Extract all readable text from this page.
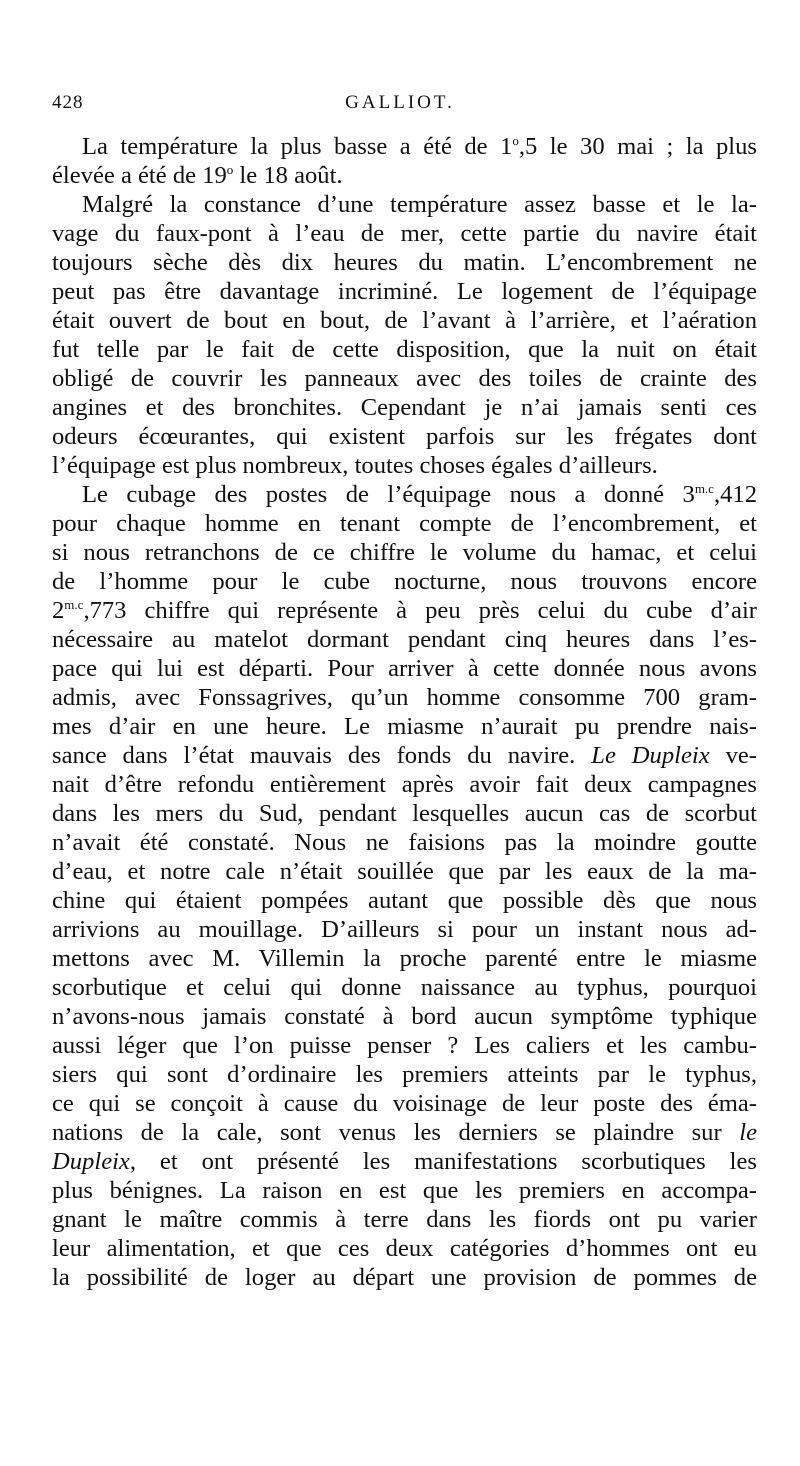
428	GALLIOT.
La température la plus basse a été de 1$^o$,5 le 30 mai ; la plus
élevée a été de 19$^o$ le 18 août.
Malgré la constance d’une température assez basse et le la-
vage du faux-pont à l’eau de mer, cette partie du navire était
toujours sèche dès dix heures du matin. L’encombrement ne
peut pas être davantage incriminé. Le logement de l’équipage
était ouvert de bout en bout, de l’avant à l’arrière, et l’aération
fut telle par le fait de cette disposition, que la nuit on était
obligé de couvrir les panneaux avec des toiles de crainte des
angines et des bronchites. Cependant je n’ai jamais senti ces
odeurs écœurantes, qui existent parfois sur les frégates dont
l’équipage est plus nombreux, toutes choses égales d’ailleurs.
Le cubage des postes de l’équipage nous a donné $3^{m.c},412$
pour chaque homme en tenant compte de l’encombrement, et
si nous retranchons de ce chiffre le volume du hamac, et celui
de l’homme pour le cube nocturne, nous trouvons encore
$2^{m.c},773$ chiffre qui représente à peu près celui du cube d’air
nécessaire au matelot dormant pendant cinq heures dans l’es-
pace qui lui est départi. Pour arriver à cette donnée nous avons
admis, avec Fonssagrives, qu’un homme consomme 700 gram-
mes d’air en une heure. Le miasme n’aurait pu prendre nais-
sance dans l’état mauvais des fonds du navire. Le Dupleix ve-
nait d’être refondu entièrement après avoir fait deux campagnes
dans les mers du Sud, pendant lesquelles aucun cas de scorbut
n’avait été constaté. Nous ne faisions pas la moindre goutte
d’eau, et notre cale n’était souillée que par les eaux de la ma-
chine qui étaient pompées autant que possible dès que nous
arrivions au mouillage. D’ailleurs si pour un instant nous ad-
mettons avec M. Villemin la proche parenté entre le miasme
scorbutique et celui qui donne naissance au typhus, pourquoi
n’avons-nous jamais constaté à bord aucun symptôme typhique
aussi léger que l’on puisse penser ? Les caliers et les cambu-
siers qui sont d’ordinaire les premiers atteints par le typhus,
ce qui se conçoit à cause du voisinage de leur poste des éma-
nations de la cale, sont venus les derniers se plaindre sur le
Dupleix, et ont présenté les manifestations scorbutiques les
plus bénignes. La raison en est que les premiers en accompa-
gnant le maître commis à terre dans les fiords ont pu varier
leur alimentation, et que ces deux catégories d’hommes ont eu
la possibilité de loger au départ une provision de pommes de
